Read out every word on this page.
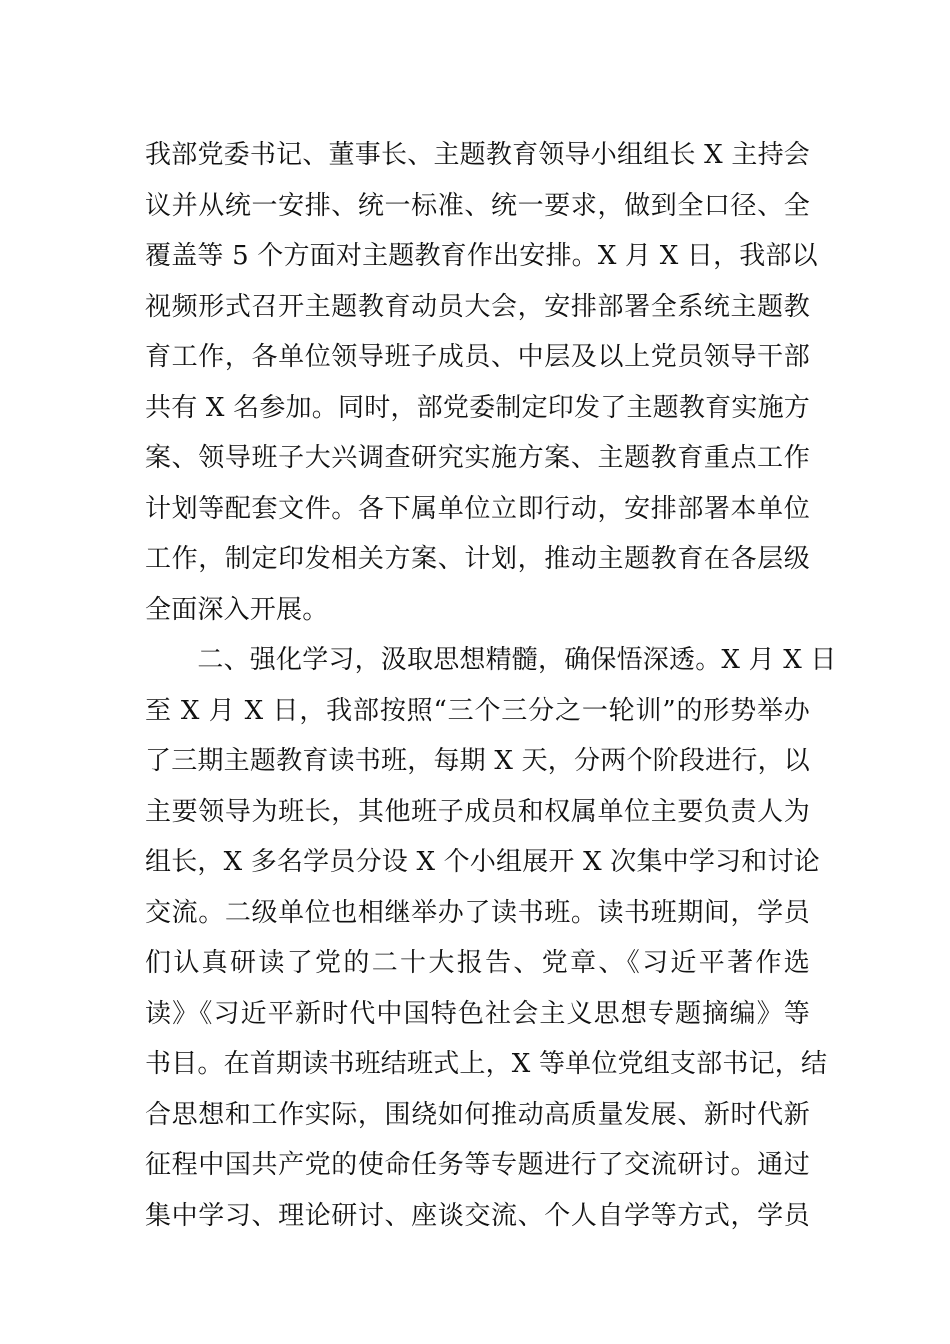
我部党委书记、董事长、主题教育领导小组组长 X 主持会
议并从统一安排、统一标准、统一要求，做到全口径、全
覆盖等 5 个方面对主题教育作出安排。X 月 X 日，我部以
视频形式召开主题教育动员大会，安排部署全系统主题教
育工作，各单位领导班子成员、中层及以上党员领导干部
共有 X 名参加。同时，部党委制定印发了主题教育实施方
案、领导班子大兴调查研究实施方案、主题教育重点工作
计划等配套文件。各下属单位立即行动，安排部署本单位
工作，制定印发相关方案、计划，推动主题教育在各层级
全面深入开展。
　　二、强化学习，汲取思想精髓，确保悟深透。X 月 X 日
至 X 月 X 日，我部按照“三个三分之一轮训”的形势举办
了三期主题教育读书班，每期 X 天，分两个阶段进行，以
主要领导为班长，其他班子成员和权属单位主要负责人为
组长，X 多名学员分设 X 个小组展开 X 次集中学习和讨论
交流。二级单位也相继举办了读书班。读书班期间，学员
们认真研读了党的二十大报告、党章、《习近平著作选
读》《习近平新时代中国特色社会主义思想专题摘编》等
书目。在首期读书班结班式上，X 等单位党组支部书记，结
合思想和工作实际，围绕如何推动高质量发展、新时代新
征程中国共产党的使命任务等专题进行了交流研讨。通过
集中学习、理论研讨、座谈交流、个人自学等方式，学员
